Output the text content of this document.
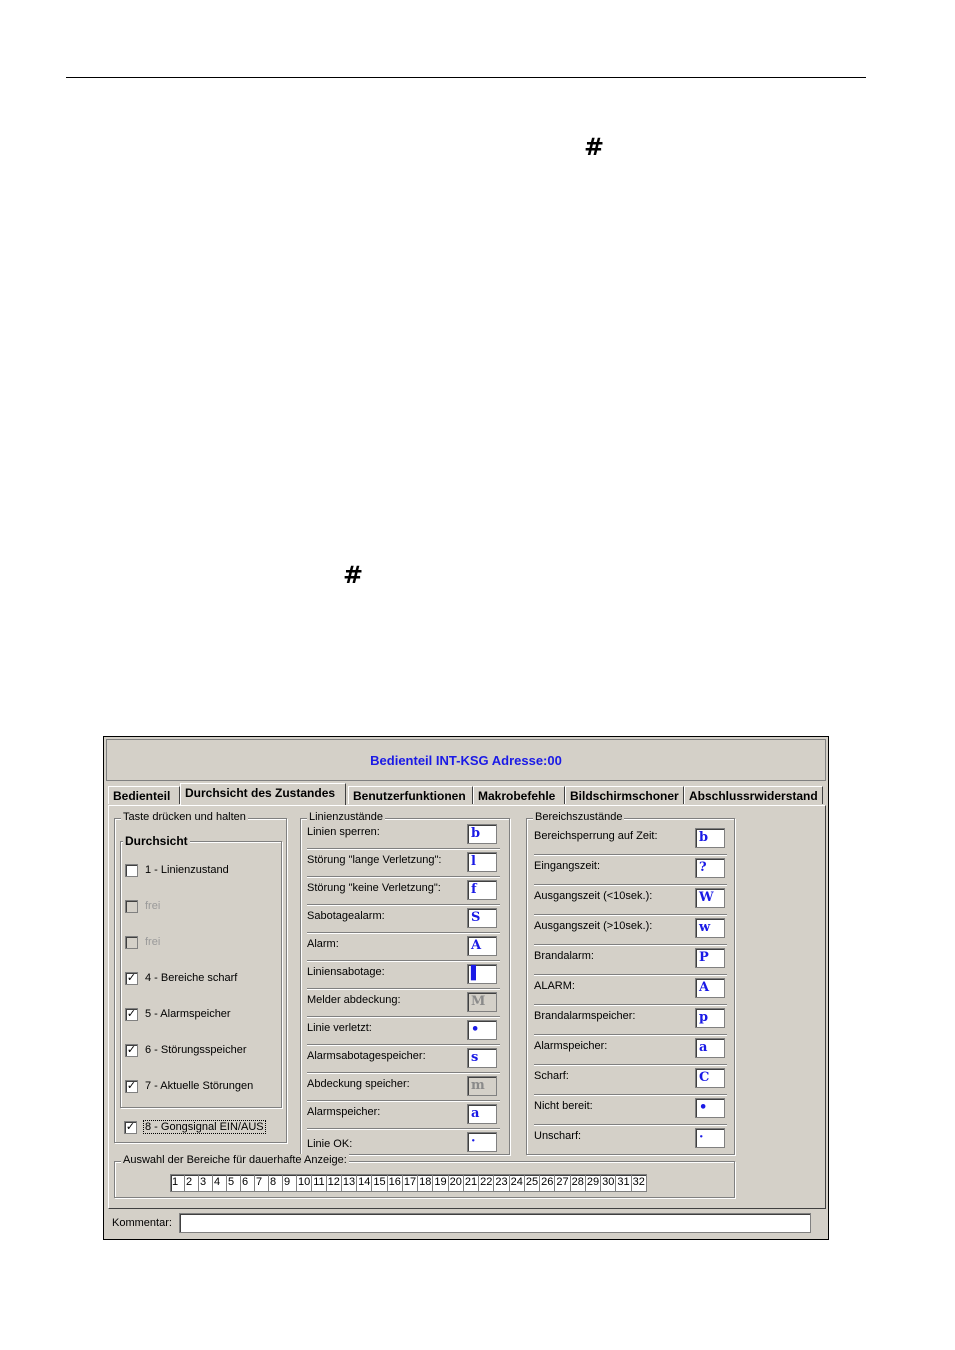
#
#
Bedienteil INT-KSG Adresse:00
Bedienteil	Durchsicht des Zustandes	Benutzerfunktionen	Makrobefehle	Bildschirmschoner Abschlussrwiderstand
Taste drücken und halten
Durchsicht
1 - Linienzustand
frei
frei
✓ 4 - Bereiche scharf
✓ 5 - Alarmspeicher
✓ 6 - Störungsspeicher
✓ 7 - Aktuelle Störungen
✓ 8 - Gongsignal EIN/AUS
Linienzustände
Linien sperren:	b
Störung "lange Verletzung":	l
Störung "keine Verletzung":	f
Sabotagealarm:	S
Alarm:	A
Liniensabotage:	▌
Melder abdeckung:	M
Linie verletzt:	•
Alarmsabotagespeicher:	s
Abdeckung speicher:	m
Alarmspeicher:	a
Linie OK:	·
Bereichszustände
Bereichsperrung auf Zeit:	b
Eingangszeit:	?
Ausgangszeit (<10sek.):	W
Ausgangszeit (>10sek.):	w
Brandalarm:	P
ALARM:	A
Brandalarmspeicher:	p
Alarmspeicher:	a
Scharf:	C
Nicht bereit:	•
Unscharf:	·
Auswahl der Bereiche für dauerhafte Anzeige:
1 2 3 4 5 6 7 8 9 10 11 12 13 14 15 16 17 18 19 20 21 22 23 24 25 26 27 28 29 30 31 32
Kommentar:
